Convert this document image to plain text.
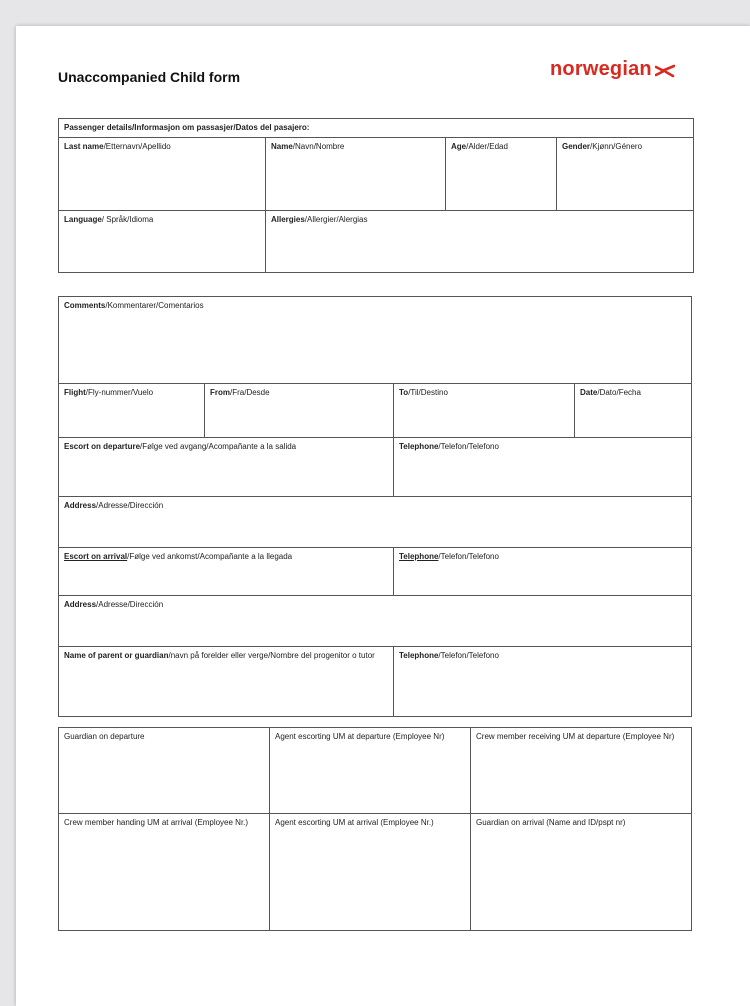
Unaccompanied Child form	norwegian
Passenger details/Informasjon om passasjer/Datos del pasajero:
Last name/Etternavn/Apellido	Name/Navn/Nombre	Age/Alder/Edad	Gender/Kjønn/Género
Language/ Språk/Idioma	Allergies/Allergier/Alergias
Comments/Kommentarer/Comentarios
Flight/Fly-nummer/Vuelo	From/Fra/Desde	To/Til/Destino	Date/Dato/Fecha
Escort on departure/Følge ved avgang/Acompañante a la salida	Telephone/Telefon/Telefono
Address/Adresse/Dirección
Escort on arrival/Følge ved ankomst/Acompañante a la llegada	Telephone/Telefon/Telefono
Address/Adresse/Dirección
Name of parent or guardian/navn på forelder eller verge/Nombre del progenitor o tutor	Telephone/Telefon/Telefono
Guardian on departure	Agent escorting UM at departure (Employee Nr)	Crew member receiving UM at departure (Employee Nr)
Crew member handing UM at arrival (Employee Nr.)	Agent escorting UM at arrival (Employee Nr.)	Guardian on arrival (Name and ID/pspt nr)
